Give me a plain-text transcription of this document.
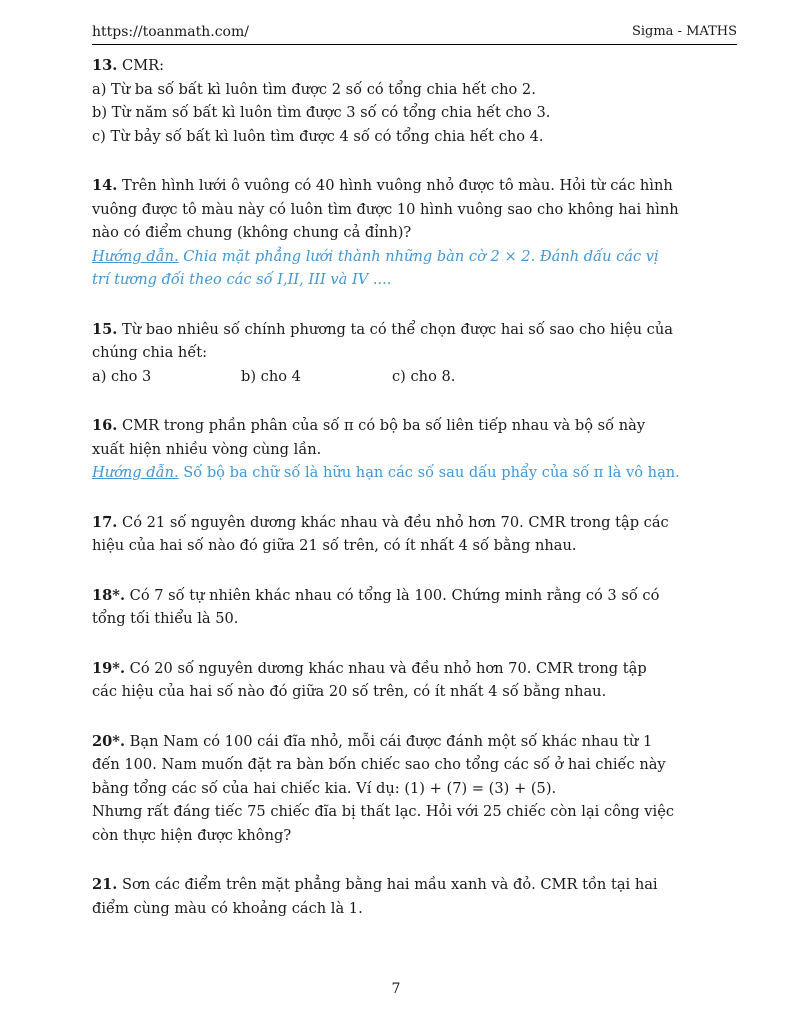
https://toanmath.com/	Sigma - MATHS
13. CMR:
a) Từ ba số bất kì luôn tìm được 2 số có tổng chia hết cho 2.
b) Từ năm số bất kì luôn tìm được 3 số có tổng chia hết cho 3.
c) Từ bảy số bất kì luôn tìm được 4 số có tổng chia hết cho 4.
14. Trên hình lưới ô vuông có 40 hình vuông nhỏ được tô màu. Hỏi từ các hình
vuông được tô màu này có luôn tìm được 10 hình vuông sao cho không hai hình
nào có điểm chung (không chung cả đỉnh)?
Hướng dẫn. Chia mặt phẳng lưới thành những bàn cờ 2 × 2. Đánh dấu các vị
trí tương đối theo các số I,II, III và IV ....
15. Từ bao nhiêu số chính phương ta có thể chọn được hai số sao cho hiệu của
chúng chia hết:
a) cho 3	b) cho 4	c) cho 8.
16. CMR trong phần phân của số π có bộ ba số liên tiếp nhau và bộ số này
xuất hiện nhiều vòng cùng lần.
Hướng dẫn. Số bộ ba chữ số là hữu hạn các số sau dấu phẩy của số π là vô hạn.
17. Có 21 số nguyên dương khác nhau và đều nhỏ hơn 70. CMR trong tập các
hiệu của hai số nào đó giữa 21 số trên, có ít nhất 4 số bằng nhau.
18*. Có 7 số tự nhiên khác nhau có tổng là 100. Chứng minh rằng có 3 số có
tổng tối thiểu là 50.
19*. Có 20 số nguyên dương khác nhau và đều nhỏ hơn 70. CMR trong tập
các hiệu của hai số nào đó giữa 20 số trên, có ít nhất 4 số bằng nhau.
20*. Bạn Nam có 100 cái đĩa nhỏ, mỗi cái được đánh một số khác nhau từ 1
đến 100. Nam muốn đặt ra bàn bốn chiếc sao cho tổng các số ở hai chiếc này
bằng tổng các số của hai chiếc kia. Ví dụ: (1) + (7) = (3) + (5).
Nhưng rất đáng tiếc 75 chiếc đĩa bị thất lạc. Hỏi với 25 chiếc còn lại công việc
còn thực hiện được không?
21. Sơn các điểm trên mặt phẳng bằng hai mầu xanh và đỏ. CMR tồn tại hai
điểm cùng màu có khoảng cách là 1.
7
